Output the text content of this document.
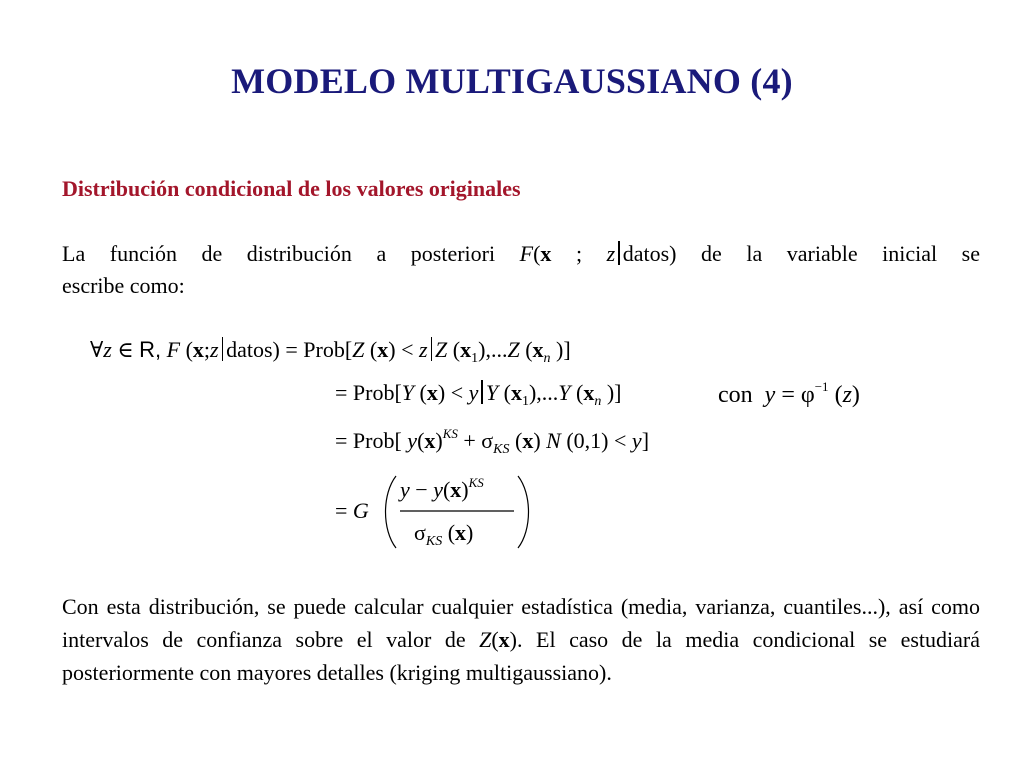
MODELO MULTIGAUSSIANO (4)
Distribución condicional de los valores originales
La función de distribución a posteriori F(x ; z datos) de la variable inicial se
escribe como:
∀z ∈ R, F (x;z datos) = Prob[Z (x) < z Z $(x_1),...Z$ ($x_n$ )]
= Prob[Y (x) < y Y $(x_1),...Y$ ($x_n$ )]	con $y = \varphi^{-1}$ (z)
= Prob[ $y(x)^{KS} + \sigma_{KS}$ (x) N (0,1) < y]
= G
$y - y(x)^{KS}$
$\sigma_{KS}$ (x)
Con esta distribución, se puede calcular cualquier estadística (media, varianza, cuantiles...), así como intervalos de confianza sobre el valor de Z(x). El caso de la media condicional se estudiará posteriormente con mayores detalles (kriging multigaussiano).
